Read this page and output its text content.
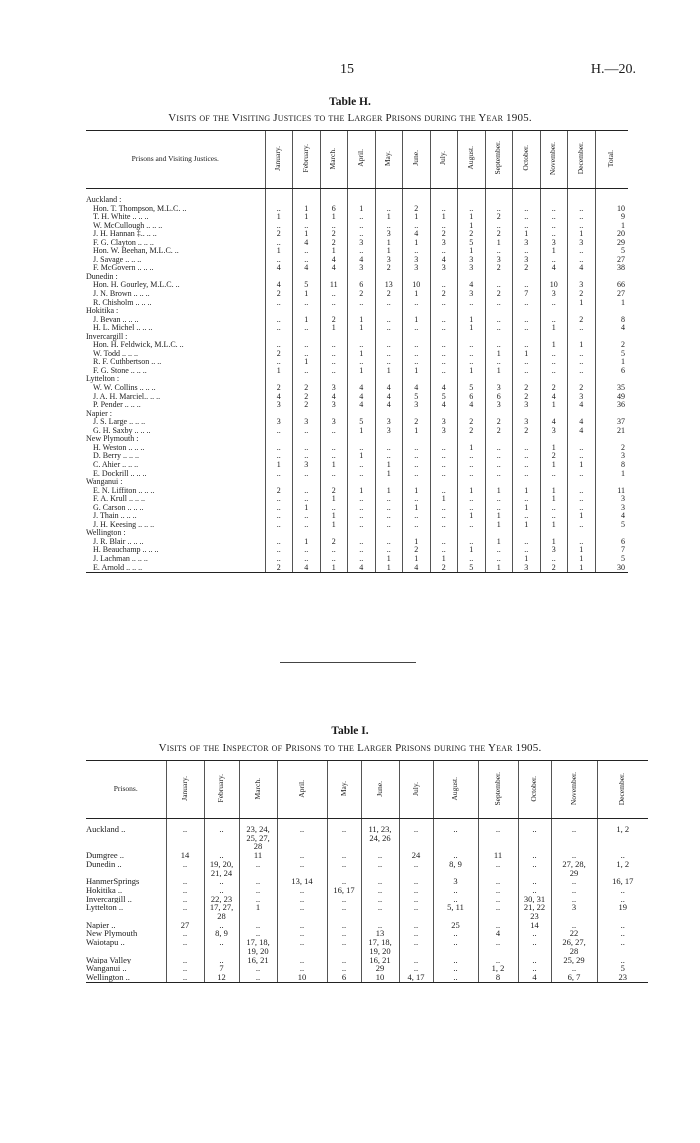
15	H.—20.
Table H.
Visits of the Visiting Justices to the Larger Prisons during the Year 1905.
Prisons and Visiting Justices.	January.	February.	March.	April.	May.	June.	July.	August.	September.	October.	November.	December.	Total.
Auckland :													
Hon. T. Thompson, M.L.C. ..	..	1	6	1	..	2	..	..	..	..	..	..	10
T. H. White .. .. ..	1	1	1	..	1	1	1	1	2	..	..	..	9
W. McCullough .. .. ..	..	..	..	..	..	..	..	1	..	..	..	..	1
J. H. Hannan ‡.. .. ..	2	1	2	..	3	4	2	2	2	1	..	1	20
F. G. Clayton .. .. ..	..	4	2	3	1	1	3	5	1	3	3	3	29
Hon. W. Beehan, M.L.C. ..	1	..	1	..	1	..	..	1	..	..	1	..	5
J. Savage .. .. ..	..	..	4	4	3	3	4	3	3	3	..	..	27
F. McGovern .. .. ..	4	4	4	3	2	3	3	3	2	2	4	4	38
Dunedin :													
Hon. H. Gourley, M.L.C. ..	4	5	11	6	13	10	..	4	..	..	10	3	66
J. N. Brown .. .. ..	2	1	..	2	2	1	2	3	2	7	3	2	27
R. Chisholm .. .. ..	..	..	..	..	..	..	..	..	..	..	..	1	1
Hokitika :													
J. Bevan .. .. ..	..	1	2	1	..	1	..	1	..	..	..	2	8
H. L. Michel .. .. ..	..	..	1	1	..	..	..	1	..	..	1	..	4
Invercargill :													
Hon. H. Feldwick, M.L.C. ..	..	..	..	..	..	..	..	..	..	..	1	1	2
W. Todd .. .. ..	2	..	..	1	..	..	..	..	1	1	..	..	5
R. F. Cuthbertson .. ..	..	1	..	..	..	..	..	..	..	..	..	..	1
F. G. Stone .. .. ..	1	..	..	1	1	1	..	1	1	..	..	..	6
Lyttelton :													
W. W. Collins .. .. ..	2	2	3	4	4	4	4	5	3	2	2	2	35
J. A. H. Marciel.. .. ..	4	2	4	4	4	5	5	6	6	2	4	3	49
P. Pender .. .. ..	3	2	3	4	4	3	4	4	3	3	1	4	36
Napier :													
J. S. Large .. .. ..	3	3	3	5	3	2	3	2	2	3	4	4	37
G. H. Saxby .. .. ..	..	..	..	1	3	1	3	2	2	2	3	4	21
New Plymouth :													
H. Weston .. .. ..	..	..	..	..	..	..	..	1	..	..	1	..	2
D. Berry .. .. ..	..	..	..	1	..	..	..	..	..	..	2	..	3
C. Ahier .. .. ..	1	3	1	..	1	..	..	..	..	..	1	1	8
E. Dockrill .. .. ..	..	..	..	..	1	..	..	..	..	..	..	..	1
Wanganui :													
E. N. Liffiton .. .. ..	2	..	2	1	1	1	..	1	1	1	1	..	11
F. A. Krull .. .. ..	..	..	1	..	..	..	1	..	..	..	1	..	3
G. Carson .. .. ..	..	1	..	..	..	1	..	..	..	1	..	..	3
J. Thain .. .. ..	..	..	1	..	..	..	..	1	1	..	..	1	4
J. H. Keesing .. .. ..	..	..	1	..	..	..	..	..	1	1	1	..	5
Wellington :													
J. R. Blair .. .. ..	..	1	2	..	..	1	..	..	1	..	1	..	6
H. Beauchamp .. .. ..	..	..	..	..	..	2	..	1	..	..	3	1	7
J. Lachman .. .. ..	..	..	..	..	1	1	1	..	..	1	..	1	5
E. Arnold .. .. ..	2	4	1	4	1	4	2	5	1	3	2	1	30
Table I.
Visits of the Inspector of Prisons to the Larger Prisons during the Year 1905.
Prisons.	January.	February.	March.	April.	May.	June.	July.	August.	September.	October.	November.	December.
Auckland ..	..	..	23, 24,
25, 27,
28	..	..	11, 23,
24, 26	..	..	..	..	..	1, 2
Dumgree ..	14	..	11	..	..	..	24	..	11	..	..	..
Dunedin ..	..	19, 20,
21, 24	..	..	..	..	..	8, 9	..	..	27, 28,
29	1, 2
HanmerSprings	..	..	..	13, 14	..	..	..	3	..	..	..	16, 17
Hokitika ..	..	..	..	..	16, 17	..	..	..	..	..	..	..
Invercargill ..	..	22, 23	..	..	..	..	..	..	..	30, 31	..	..
Lyttelton ..	..	17, 27,
28	1	..	..	..	..	5, 11	..	21, 22
23	3	19
Napier ..	27	..	..	..	..	..	..	25	..	14	..	..
New Plymouth	..	8, 9	..	..	..	13	..	..	4	..	22	..

Waiotapu ..	..	..	17, 18,
19, 20	..	..	17, 18,
19, 20	..	..	..	..	26, 27,
28	..
Waipa Valley	..	..	16, 21	..	..	16, 21	..	..	..	..	25, 29	..
Wanganui ..	..	7	..	..	..	29	..	..	1, 2	..	..	5
Wellington ..	..	12	..	10	6	10	4, 17	..	8	4	6, 7	23
